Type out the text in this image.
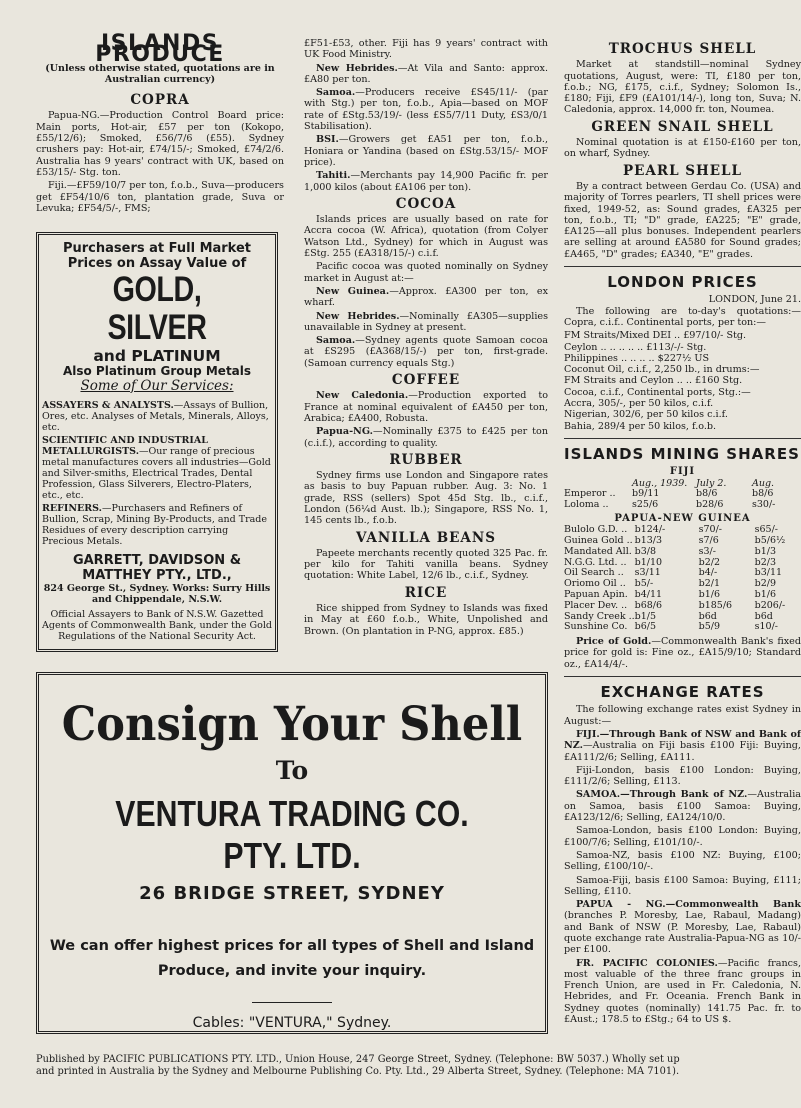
ISLANDS PRODUCE
(Unless otherwise stated, quotations are in Australian currency)
COPRA

Papua-NG.—Production Control Board price: Main ports, Hot-air, £57 per ton (Kokopo, £55/12/6); Smoked, £56/7/6 (£55). Sydney crushers pay: Hot-air, £74/15/-; Smoked, £74/2/6. Australia has 9 years' contract with UK, based on £53/15/- Stg. ton.

Fiji.—£F59/10/7 per ton, f.o.b., Suva—producers get £F54/10/6 ton, plantation grade, Suva or Levuka; £F54/5/-, FMS;

Purchasers at Full Market Prices on Assay Value of
GOLD, SILVER
and PLATINUM
Also Platinum Group Metals
Some of Our Services:

ASSAYERS & ANALYSTS.—Assays of Bullion, Ores, etc. Analyses of Metals, Minerals, Alloys, etc.

SCIENTIFIC AND INDUSTRIAL METALLURGISTS.—Our range of precious metal manufactures covers all industries—Gold and Silver-smiths, Electrical Trades, Dental Profession, Glass Silverers, Electro-Platers, etc., etc.

REFINERS.—Purchasers and Refiners of Bullion, Scrap, Mining By-Products, and Trade Residues of every description carrying Precious Metals.

GARRETT, DAVIDSON & MATTHEY PTY., LTD.,
824 George St., Sydney. Works: Surry Hills and Chippendale, N.S.W.
Official Assayers to Bank of N.S.W. Gazetted Agents of Commonwealth Bank, under the Gold Regulations of the National Security Act.
Consign Your Shell
To
VENTURA TRADING CO. PTY. LTD.
26 BRIDGE STREET, SYDNEY
We can offer highest prices for all types of Shell and Island Produce, and invite your inquiry.
Cables: "VENTURA," Sydney.

£F51-£53, other. Fiji has 9 years' contract with UK Food Ministry.

New Hebrides.—At Vila and Santo: approx. £A80 per ton.

Samoa.—Producers receive £S45/11/- (par with Stg.) per ton, f.o.b., Apia—based on MOF rate of £Stg.53/19/- (less £S5/7/11 Duty, £S3/0/1 Stabilisation).

BSI.—Growers get £A51 per ton, f.o.b., Honiara or Yandina (based on £Stg.53/15/- MOF price).

Tahiti.—Merchants pay 14,900 Pacific fr. per 1,000 kilos (about £A106 per ton).

COCOA

Islands prices are usually based on rate for Accra cocoa (W. Africa), quotation (from Colyer Watson Ltd., Sydney) for which in August was £Stg. 255 (£A318/15/-) c.i.f.

Pacific cocoa was quoted nominally on Sydney market in August at:—

New Guinea.—Approx. £A300 per ton, ex wharf.

New Hebrides.—Nominally £A305—supplies unavailable in Sydney at present.

Samoa.—Sydney agents quote Samoan cocoa at £S295 (£A368/15/-) per ton, first-grade. (Samoan currency equals Stg.)

COFFEE

New Caledonia.—Production exported to France at nominal equivalent of £A450 per ton, Arabica; £A400, Robusta.

Papua-NG.—Nominally £375 to £425 per ton (c.i.f.), according to quality.

RUBBER

Sydney firms use London and Singapore rates as basis to buy Papuan rubber. Aug. 3: No. 1 grade, RSS (sellers) Spot 45d Stg. lb., c.i.f., London (56¼d Aust. lb.); Singapore, RSS No. 1, 145 cents lb., f.o.b.

VANILLA BEANS

Papeete merchants recently quoted 325 Pac. fr. per kilo for Tahiti vanilla beans. Sydney quotation: White Label, 12/6 lb., c.i.f., Sydney.

RICE

Rice shipped from Sydney to Islands was fixed in May at £60 f.o.b., White, Unpolished and Brown. (On plantation in P-NG, approx. £85.)

TROCHUS SHELL

Market at standstill—nominal Sydney quotations, August, were: TI, £180 per ton, f.o.b.; NG, £175, c.i.f., Sydney; Solomon Is., £180; Fiji, £F9 (£A101/14/-), long ton, Suva; N. Caledonia, approx. 14,000 fr. ton, Noumea.

GREEN SNAIL SHELL

Nominal quotation is at £150-£160 per ton, on wharf, Sydney.

PEARL SHELL

By a contract between Gerdau Co. (USA) and majority of Torres pearlers, TI shell prices were fixed, 1949-52, as: Sound grades, £A325 per ton, f.o.b., TI; "D" grade, £A225; "E" grade, £A125—all plus bonuses. Independent pearlers are selling at around £A580 for Sound grades; £A465, "D" grades; £A340, "E" grades.

LONDON PRICES
LONDON, June 21.

The following are to-day's quotations:— Copra, c.i.f.. Continental ports, per ton:—

FM Straits/Mixed DEI .. £97/10/- Stg.
Ceylon .. .. .. .. .. £113/-/- Stg.
Philippines .. .. .. .. $227½ US
Coconut Oil, c.i.f., 2,250 lb., in drums:—
FM Straits and Ceylon .. .. £160 Stg.
Cocoa, c.i.f., Continental ports, Stg.:—
Accra, 305/-, per 50 kilos, c.i.f.
Nigerian, 302/6, per 50 kilos c.i.f.
Bahia, 289/4 per 50 kilos, f.o.b.
ISLANDS MINING SHARES
FIJI
	Aug., 1939.	July 2.	Aug.
Emperor ..	b9/11	b8/6	b8/6
Loloma ..	s25/6	b28/6	s30/-
PAPUA-NEW GUINEA
Bulolo G.D. ..	b124/-	s70/-	s65/-
Guinea Gold ..	b13/3	s7/6	b5/6½
Mandated All.	b3/8	s3/-	b1/3
N.G.G. Ltd. ..	b1/10	b2/2	b2/3
Oil Search ..	s3/11	b4/-	b3/11
Oriomo Oil ..	b5/-	b2/1	b2/9
Papuan Apin.	b4/11	b1/6	b1/6
Placer Dev. ..	b68/6	b185/6	b206/-
Sandy Creek ..	b1/5	b6d	b6d
Sunshine Co.	b6/5	b5/9	s10/-

Price of Gold.—Commonwealth Bank's fixed price for gold is: Fine oz., £A15/9/10; Standard oz., £A14/4/-.

EXCHANGE RATES

The following exchange rates exist Sydney in August:—

FIJI.—Through Bank of NSW and Bank of NZ.—Australia on Fiji basis £100 Fiji: Buying, £A111/2/6; Selling, £A111.

Fiji-London, basis £100 London: Buying, £111/2/6; Selling, £113.

SAMOA.—Through Bank of NZ.—Australia on Samoa, basis £100 Samoa: Buying, £A123/12/6; Selling, £A124/10/0.

Samoa-London, basis £100 London: Buying, £100/7/6; Selling, £101/10/-.

Samoa-NZ, basis £100 NZ: Buying, £100; Selling, £100/10/-.

Samoa-Fiji, basis £100 Samoa: Buying, £111; Selling, £110.

PAPUA - NG.—Commonwealth Bank (branches P. Moresby, Lae, Rabaul, Madang) and Bank of NSW (P. Moresby, Lae, Rabaul) quote exchange rate Australia-Papua-NG as 10/- per £100.

FR. PACIFIC COLONIES.—Pacific francs, most valuable of the three franc groups in French Union, are used in Fr. Caledonia, N. Hebrides, and Fr. Oceania. French Bank in Sydney quotes (nominally) 141.75 Pac. fr. to £Aust.; 178.5 to £Stg.; 64 to US $.

Published by PACIFIC PUBLICATIONS PTY. LTD., Union House, 247 George Street, Sydney. (Telephone: BW 5037.) Wholly set up
and printed in Australia by the Sydney and Melbourne Publishing Co. Pty. Ltd., 29 Alberta Street, Sydney. (Telephone: MA 7101).
